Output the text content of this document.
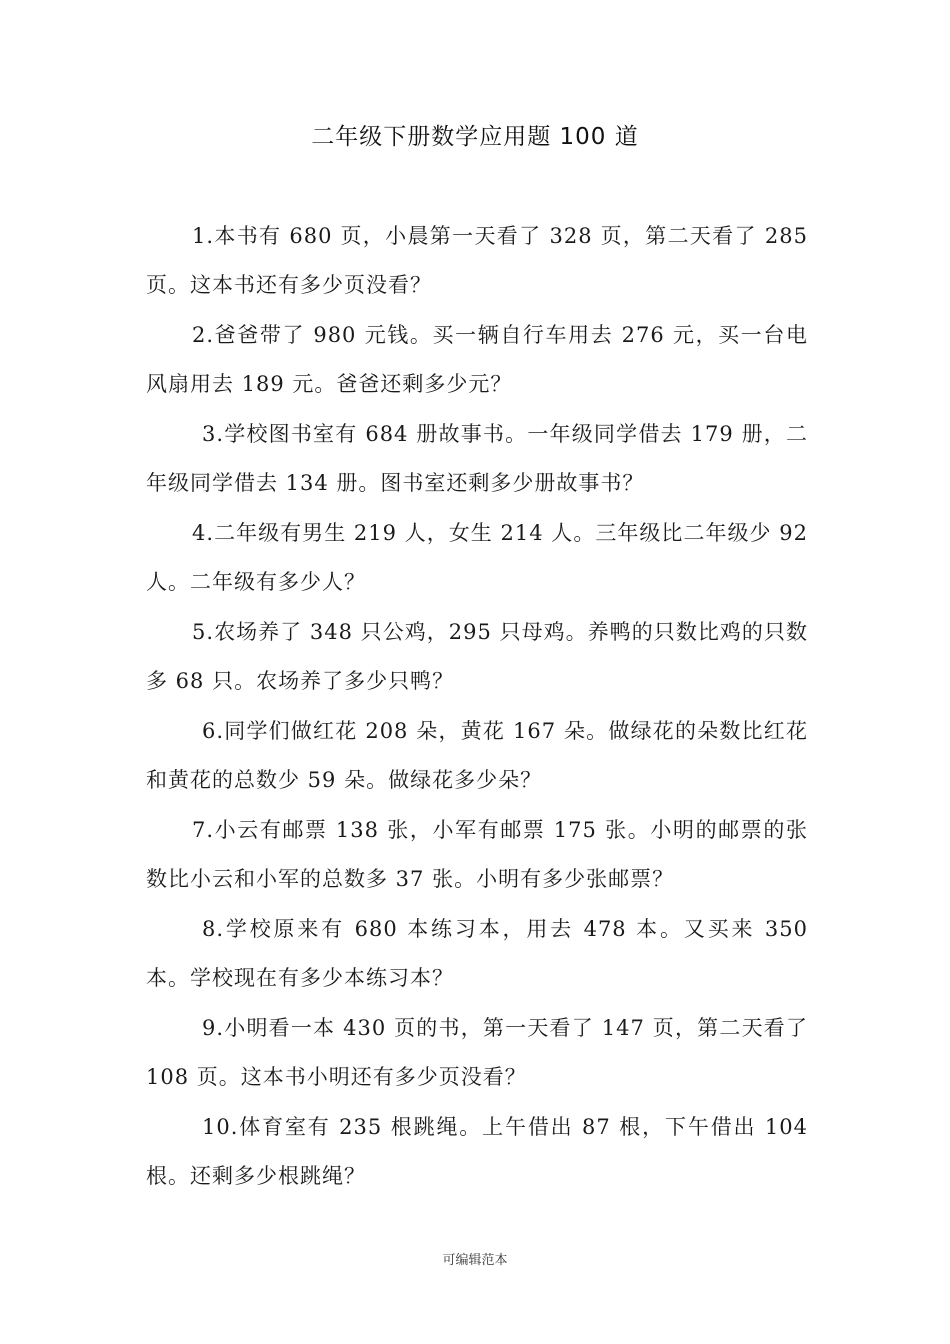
二年级下册数学应用题 100 道

1.本书有 680 页，小晨第一天看了 328 页，第二天看了 285 页。这本书还有多少页没看？

2.爸爸带了 980 元钱。买一辆自行车用去 276 元，买一台电风扇用去 189 元。爸爸还剩多少元？

3.学校图书室有 684 册故事书。一年级同学借去 179 册，二年级同学借去 134 册。图书室还剩多少册故事书？

4.二年级有男生 219 人，女生 214 人。三年级比二年级少 92 人。二年级有多少人？

5.农场养了 348 只公鸡，295 只母鸡。养鸭的只数比鸡的只数多 68 只。农场养了多少只鸭？

6.同学们做红花 208 朵，黄花 167 朵。做绿花的朵数比红花和黄花的总数少 59 朵。做绿花多少朵？

7.小云有邮票 138 张，小军有邮票 175 张。小明的邮票的张数比小云和小军的总数多 37 张。小明有多少张邮票？

8.学校原来有 680 本练习本，用去 478 本。又买来 350 本。学校现在有多少本练习本？

9.小明看一本 430 页的书，第一天看了 147 页，第二天看了 108 页。这本书小明还有多少页没看？

10.体育室有 235 根跳绳。上午借出 87 根，下午借出 104 根。还剩多少根跳绳？

可编辑范本
